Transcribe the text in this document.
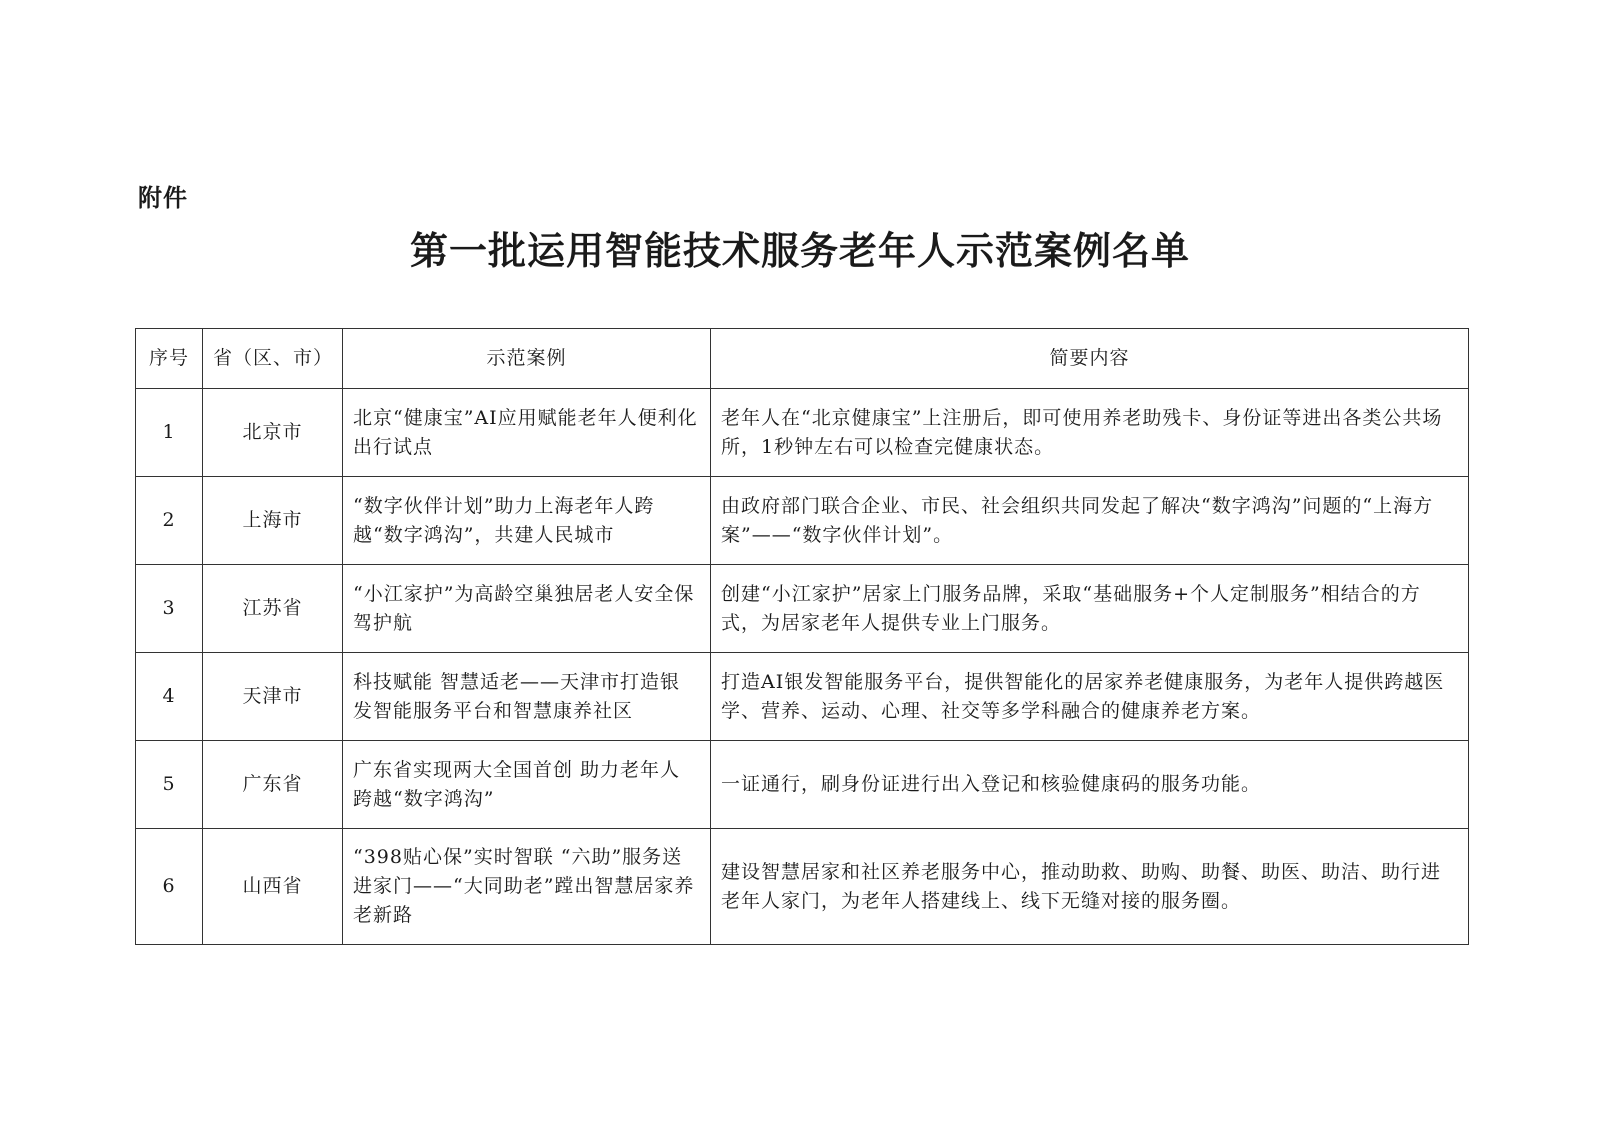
附件
第一批运用智能技术服务老年人示范案例名单
序号	省（区、市）	示范案例	简要内容
1	北京市	北京“健康宝”AI应用赋能老年人便利化出行试点	老年人在“北京健康宝”上注册后，即可使用养老助残卡、身份证等进出各类公共场所，1秒钟左右可以检查完健康状态。
2	上海市	“数字伙伴计划”助力上海老年人跨越“数字鸿沟”，共建人民城市	由政府部门联合企业、市民、社会组织共同发起了解决“数字鸿沟”问题的“上海方案”——“数字伙伴计划”。
3	江苏省	“小江家护”为高龄空巢独居老人安全保驾护航	创建“小江家护”居家上门服务品牌，采取“基础服务+个人定制服务”相结合的方式，为居家老年人提供专业上门服务。
4	天津市	科技赋能 智慧适老——天津市打造银发智能服务平台和智慧康养社区	打造AI银发智能服务平台，提供智能化的居家养老健康服务，为老年人提供跨越医学、营养、运动、心理、社交等多学科融合的健康养老方案。
5	广东省	广东省实现两大全国首创 助力老年人跨越“数字鸿沟”	一证通行，刷身份证进行出入登记和核验健康码的服务功能。
6	山西省	“398贴心保”实时智联 “六助”服务送进家门——“大同助老”蹚出智慧居家养老新路	建设智慧居家和社区养老服务中心，推动助救、助购、助餐、助医、助洁、助行进老年人家门，为老年人搭建线上、线下无缝对接的服务圈。
